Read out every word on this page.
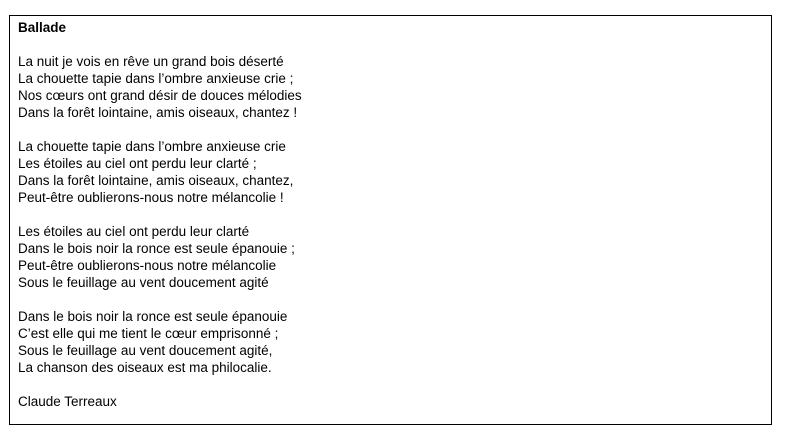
Ballade
La nuit je vois en rêve un grand bois déserté
La chouette tapie dans l’ombre anxieuse crie ;
Nos cœurs ont grand désir de douces mélodies
Dans la forêt lointaine, amis oiseaux, chantez !
La chouette tapie dans l’ombre anxieuse crie
Les étoiles au ciel ont perdu leur clarté ;
Dans la forêt lointaine, amis oiseaux, chantez,
Peut-être oublierons-nous notre mélancolie !
Les étoiles au ciel ont perdu leur clarté
Dans le bois noir la ronce est seule épanouie ;
Peut-être oublierons-nous notre mélancolie
Sous le feuillage au vent doucement agité
Dans le bois noir la ronce est seule épanouie
C’est elle qui me tient le cœur emprisonné ;
Sous le feuillage au vent doucement agité,
La chanson des oiseaux est ma philocalie.
Claude Terreaux
